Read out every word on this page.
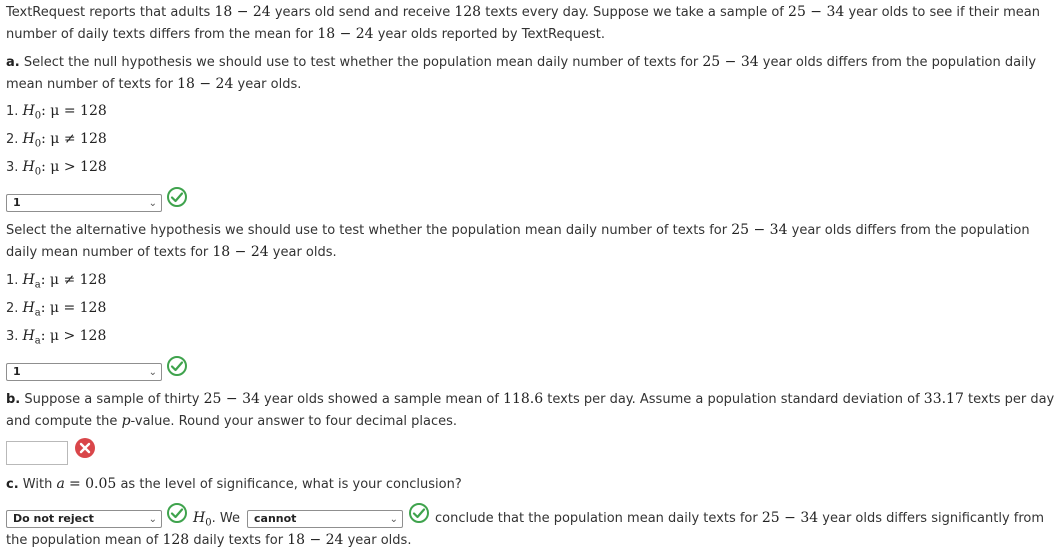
TextRequest reports that adults 18 − 24 years old send and receive 128 texts every day. Suppose we take a sample of 25 − 34 year olds to see if their mean
number of daily texts differs from the mean for 18 − 24 year olds reported by TextRequest.
a. Select the null hypothesis we should use to test whether the population mean daily number of texts for 25 − 34 year olds differs from the population daily
mean number of texts for 18 − 24 year olds.
1. $H_0$: μ = 128
2. $H_0$: μ ≠ 128
3. $H_0$: μ > 128
1	⌄
Select the alternative hypothesis we should use to test whether the population mean daily number of texts for 25 − 34 year olds differs from the population
daily mean number of texts for 18 − 24 year olds.
1. $H_a$: μ ≠ 128
2. $H_a$: μ = 128
3. $H_a$: μ > 128
1	⌄
b. Suppose a sample of thirty 25 − 34 year olds showed a sample mean of 118.6 texts per day. Assume a population standard deviation of 33.17 texts per day
and compute the p-value. Round your answer to four decimal places.
c. With a = 0.05 as the level of significance, what is your conclusion?
Do not reject	⌄	$H_0$. We	cannot	⌄	conclude that the population mean daily texts for 25 − 34 year olds differs significantly from
the population mean of 128 daily texts for 18 − 24 year olds.
